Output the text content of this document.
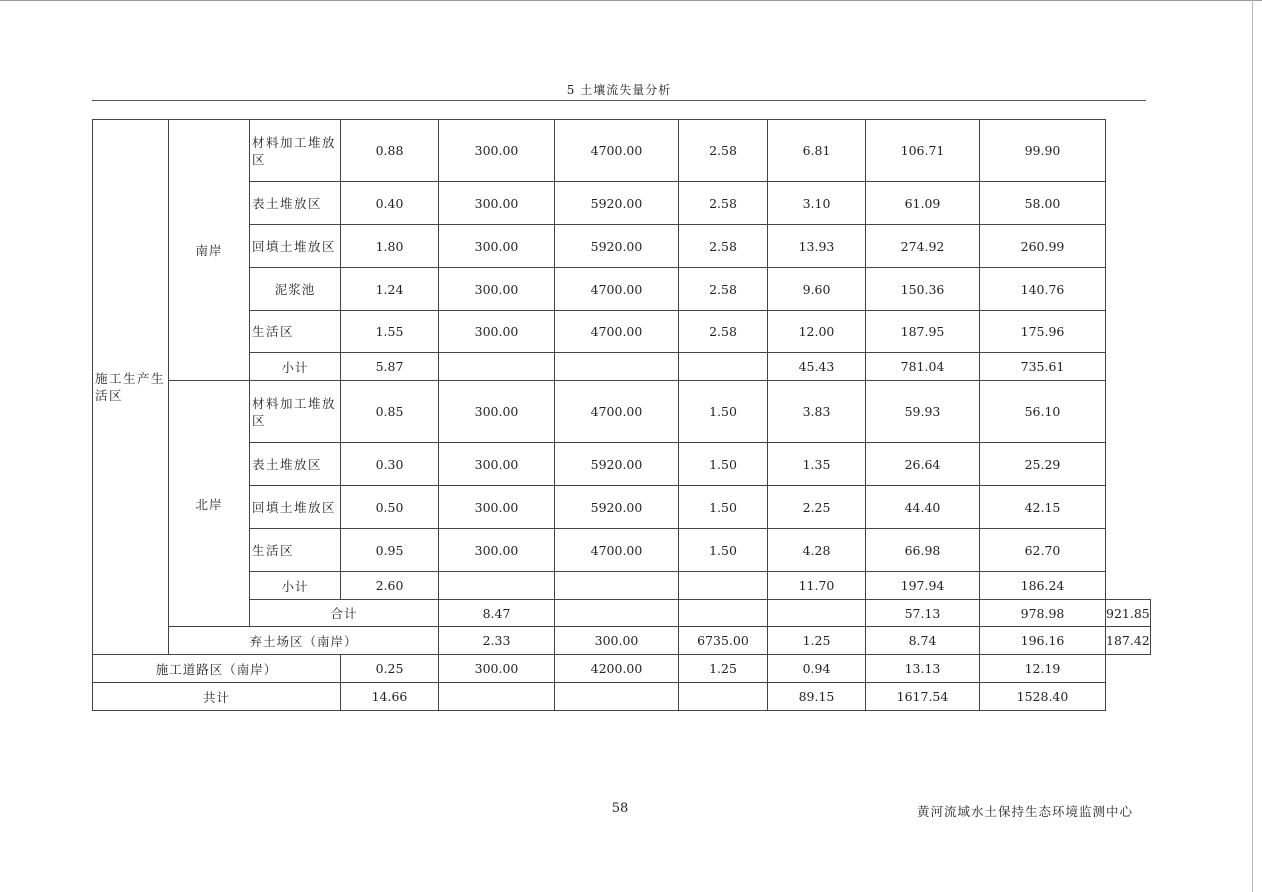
5 土壤流失量分析
施工生产生活区	南岸	材料加工堆放区	0.88	300.00	4700.00	2.58	6.81	106.71	99.90	
		表土堆放区	0.40	300.00	5920.00	2.58	3.10	61.09	58.00	
		回填土堆放区	1.80	300.00	5920.00	2.58	13.93	274.92	260.99	
		泥浆池	1.24	300.00	4700.00	2.58	9.60	150.36	140.76	
		生活区	1.55	300.00	4700.00	2.58	12.00	187.95	175.96	
		小计	5.87				45.43	781.04	735.61	
	北岸	材料加工堆放区	0.85	300.00	4700.00	1.50	3.83	59.93	56.10	
		表土堆放区	0.30	300.00	5920.00	1.50	1.35	26.64	25.29	
		回填土堆放区	0.50	300.00	5920.00	1.50	2.25	44.40	42.15	
		生活区	0.95	300.00	4700.00	1.50	4.28	66.98	62.70	
		小计	2.60				11.70	197.94	186.24	
		合计		8.47				57.13	978.98	921.85
	弃土场区（南岸）			2.33	300.00	6735.00	1.25	8.74	196.16	187.42
施工道路区（南岸）			0.25	300.00	4200.00	1.25	0.94	13.13	12.19	
共计			14.66				89.15	1617.54	1528.40	
58	黄河流域水土保持生态环境监测中心
